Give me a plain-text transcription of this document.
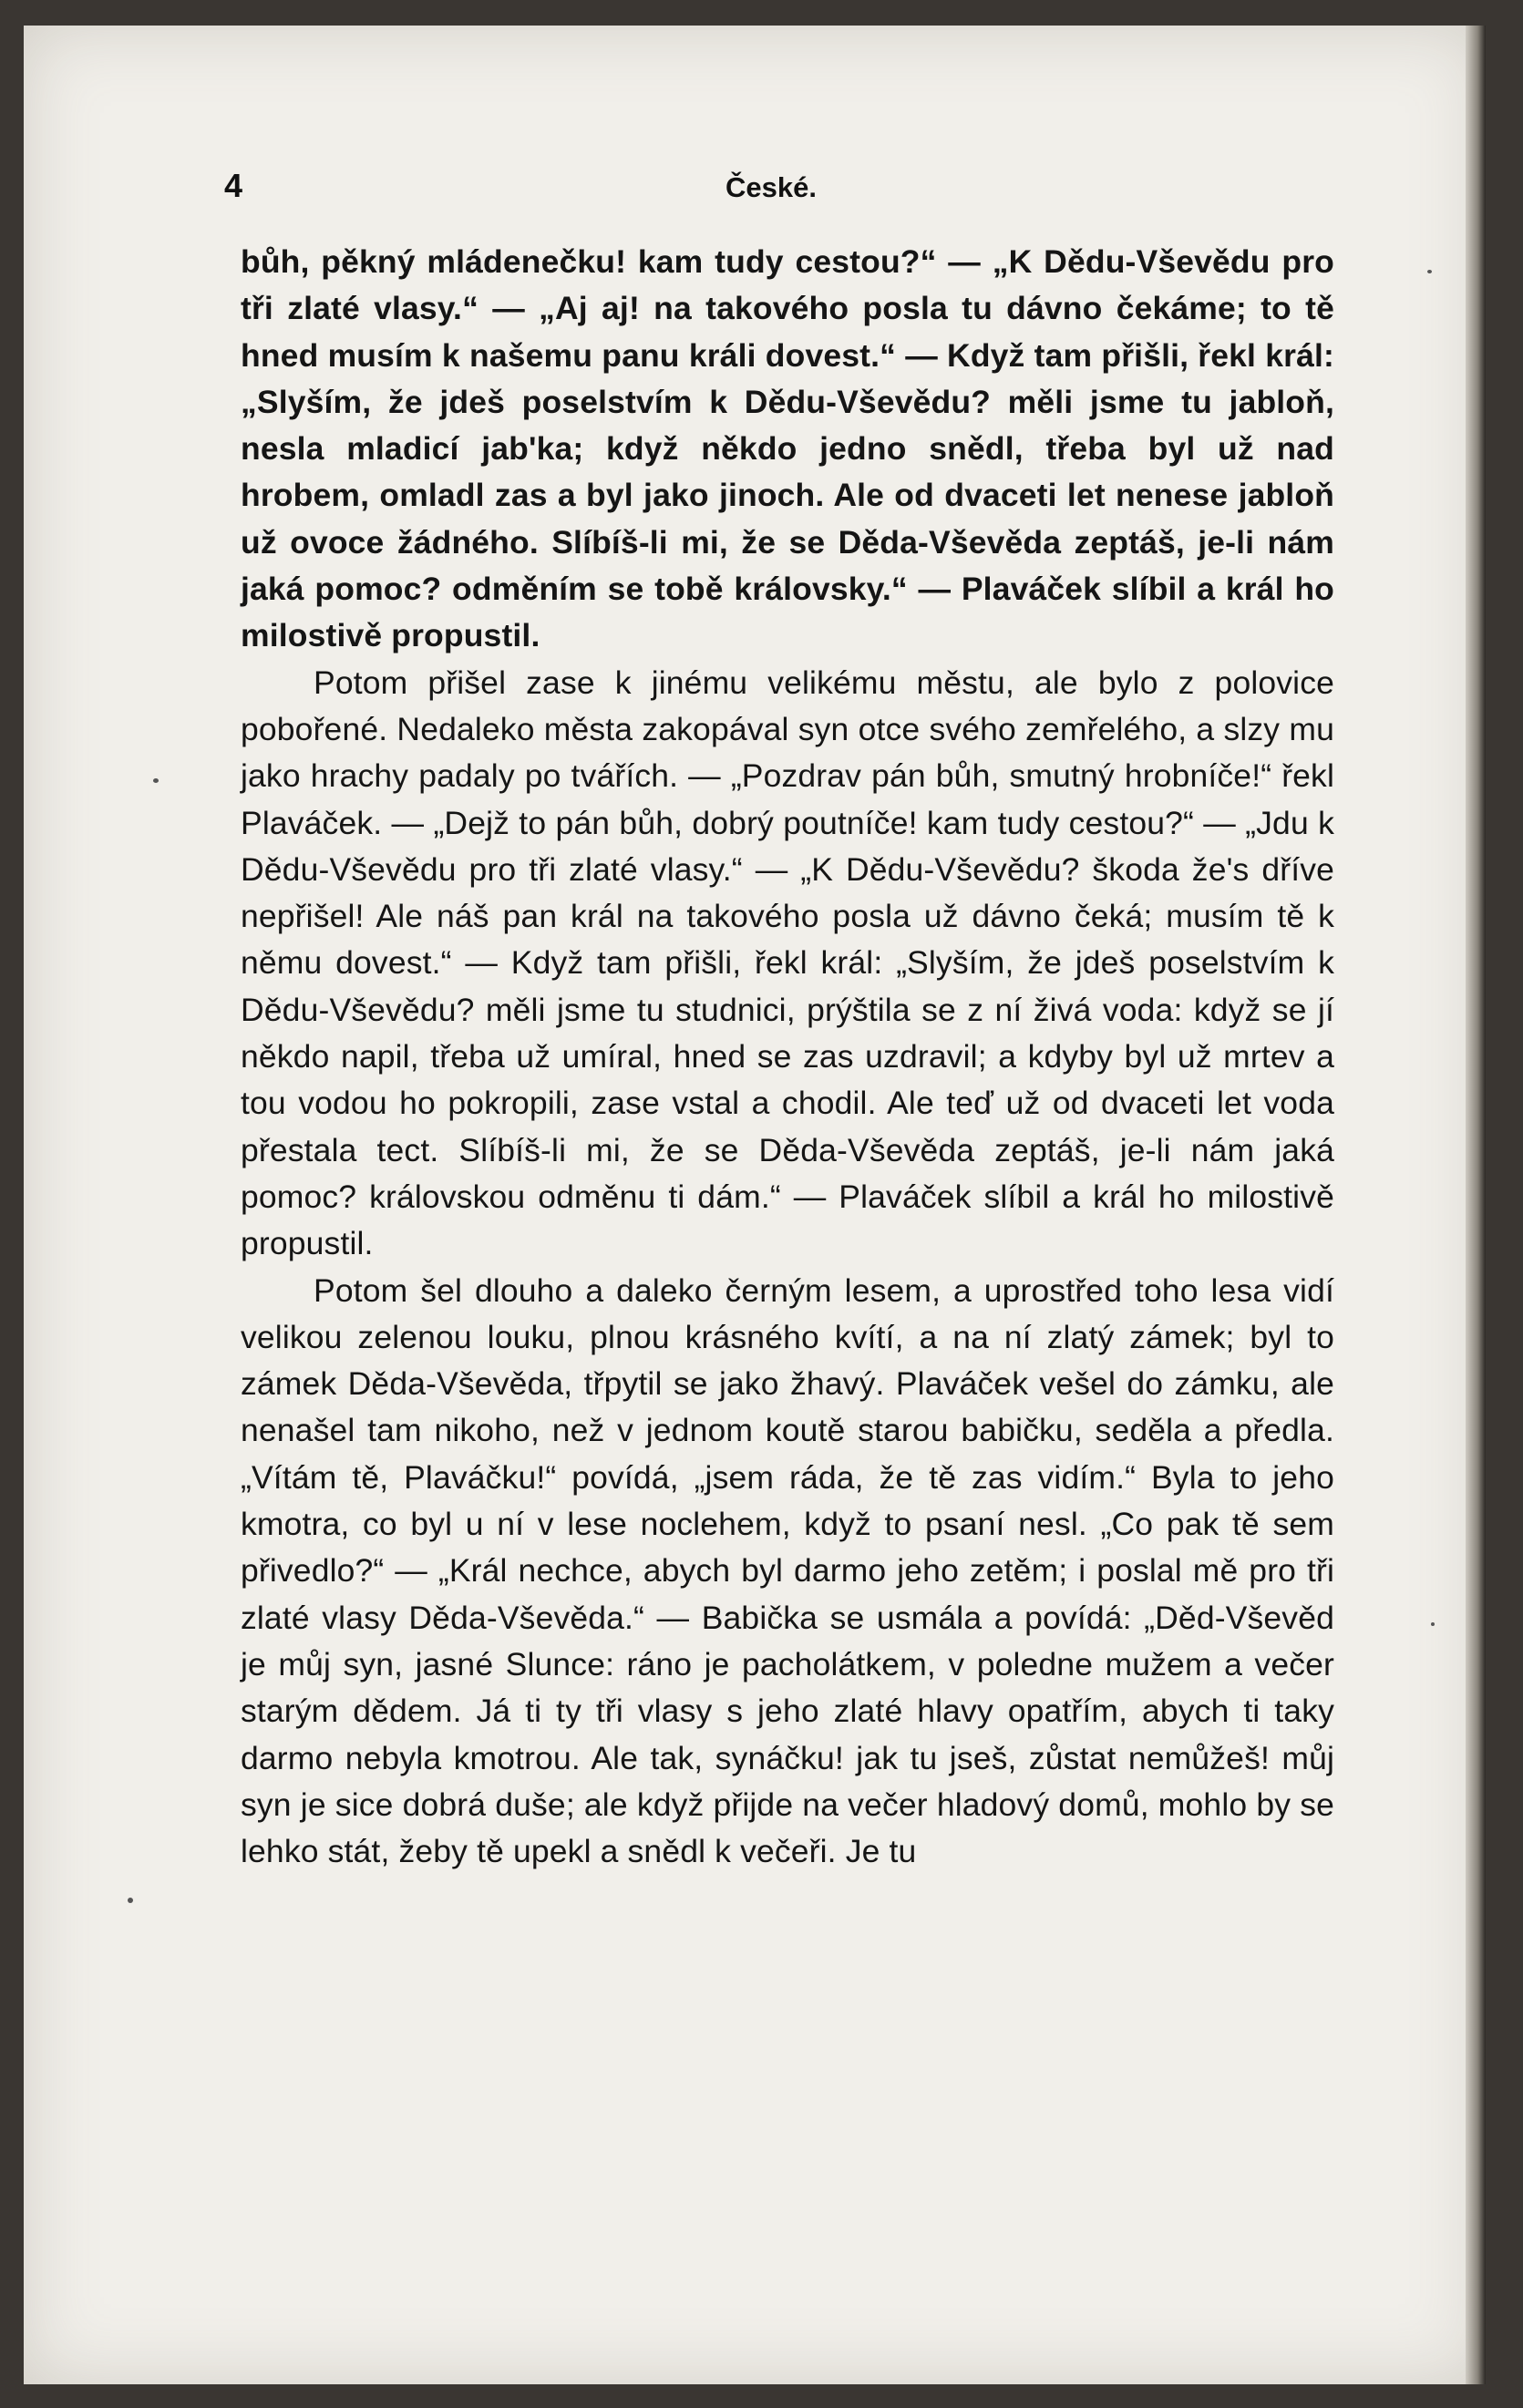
4	České.

bůh, pěkný mládenečku! kam tudy cestou?“ — „K Dědu-Vševědu pro tři zlaté vlasy.“ — „Aj aj! na takového posla tu dávno čekáme; to tě hned musím k našemu panu králi dovest.“ — Když tam přišli, řekl král: „Slyším, že jdeš poselstvím k Dědu-Vševědu? měli jsme tu jabloň, nesla mladicí jab'ka; když někdo jedno snědl, třeba byl už nad hrobem, omladl zas a byl jako jinoch. Ale od dvaceti let nenese jabloň už ovoce žádného. Slíbíš-li mi, že se Děda-Vševěda zeptáš, je-li nám jaká pomoc? odměním se tobě královsky.“ — Plaváček slíbil a král ho milostivě propustil.

Potom přišel zase k jinému velikému městu, ale bylo z polovice pobořené. Nedaleko města zakopával syn otce svého zemřelého, a slzy mu jako hrachy padaly po tvářích. — „Pozdrav pán bůh, smutný hrobníče!“ řekl Plaváček. — „Dejž to pán bůh, dobrý poutníče! kam tudy cestou?“ — „Jdu k Dědu-Vševědu pro tři zlaté vlasy.“ — „K Dědu-Vševědu? škoda že's dříve nepřišel! Ale náš pan král na takového posla už dávno čeká; musím tě k němu dovest.“ — Když tam přišli, řekl král: „Slyším, že jdeš poselstvím k Dědu-Vševědu? měli jsme tu studnici, prýštila se z ní živá voda: když se jí někdo napil, třeba už umíral, hned se zas uzdravil; a kdyby byl už mrtev a tou vodou ho pokropili, zase vstal a chodil. Ale teď už od dvaceti let voda přestala tect. Slíbíš-li mi, že se Děda-Vševěda zeptáš, je-li nám jaká pomoc? královskou odměnu ti dám.“ — Plaváček slíbil a král ho milostivě propustil.

Potom šel dlouho a daleko černým lesem, a uprostřed toho lesa vidí velikou zelenou louku, plnou krásného kvítí, a na ní zlatý zámek; byl to zámek Děda-Vševěda, třpytil se jako žhavý. Plaváček vešel do zámku, ale nenašel tam nikoho, než v jednom koutě starou babičku, seděla a předla. „Vítám tě, Plaváčku!“ povídá, „jsem ráda, že tě zas vidím.“ Byla to jeho kmotra, co byl u ní v lese noclehem, když to psaní nesl. „Co pak tě sem přivedlo?“ — „Král nechce, abych byl darmo jeho zetěm; i poslal mě pro tři zlaté vlasy Děda-Vševěda.“ — Babička se usmála a povídá: „Děd-Vševěd je můj syn, jasné Slunce: ráno je pacholátkem, v poledne mužem a večer starým dědem. Já ti ty tři vlasy s jeho zlaté hlavy opatřím, abych ti taky darmo nebyla kmotrou. Ale tak, synáčku! jak tu jseš, zůstat nemůžeš! můj syn je sice dobrá duše; ale když přijde na večer hladový domů, mohlo by se lehko stát, žeby tě upekl a snědl k večeři. Je tu
